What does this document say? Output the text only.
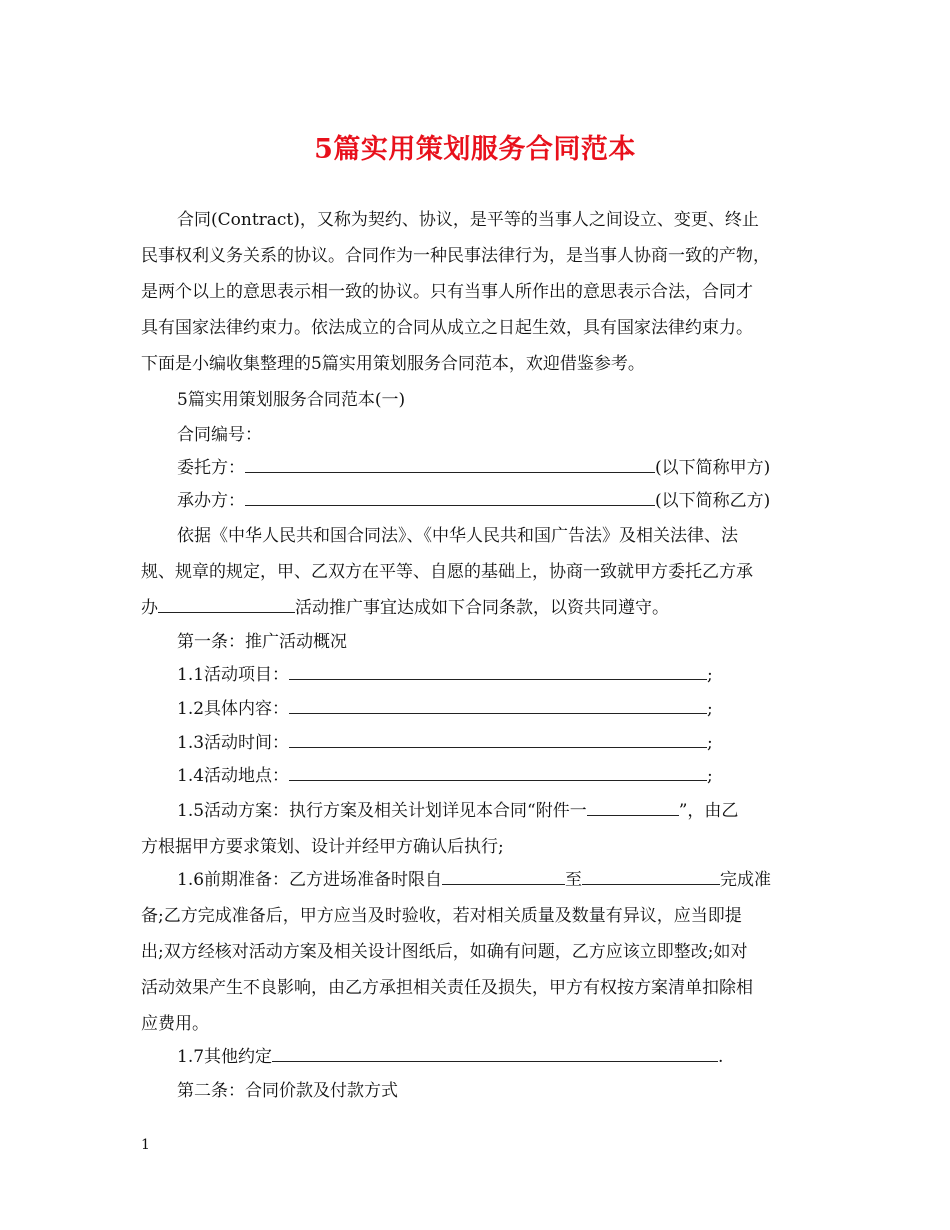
5篇实用策划服务合同范本
合同(Contract)，又称为契约、协议，是平等的当事人之间设立、变更、终止
民事权利义务关系的协议。合同作为一种民事法律行为，是当事人协商一致的产物，
是两个以上的意思表示相一致的协议。只有当事人所作出的意思表示合法，合同才
具有国家法律约束力。依法成立的合同从成立之日起生效，具有国家法律约束力。
下面是小编收集整理的5篇实用策划服务合同范本，欢迎借鉴参考。
5篇实用策划服务合同范本(一)
合同编号：
委托方：	(以下简称甲方)
承办方：	(以下简称乙方)
依据《中华人民共和国合同法》、《中华人民共和国广告法》及相关法律、法
规、规章的规定，甲、乙双方在平等、自愿的基础上，协商一致就甲方委托乙方承
办	活动推广事宜达成如下合同条款，以资共同遵守。
第一条：推广活动概况
1.1活动项目：	;
1.2具体内容：	;
1.3活动时间：	;
1.4活动地点：	;
1.5活动方案：执行方案及相关计划详见本合同“附件一	”，由乙
方根据甲方要求策划、设计并经甲方确认后执行;
1.6前期准备：乙方进场准备时限自	至	完成准
备;乙方完成准备后，甲方应当及时验收，若对相关质量及数量有异议，应当即提
出;双方经核对活动方案及相关设计图纸后，如确有问题，乙方应该立即整改;如对
活动效果产生不良影响，由乙方承担相关责任及损失，甲方有权按方案清单扣除相
应费用。
1.7其他约定	.
第二条：合同价款及付款方式
1
